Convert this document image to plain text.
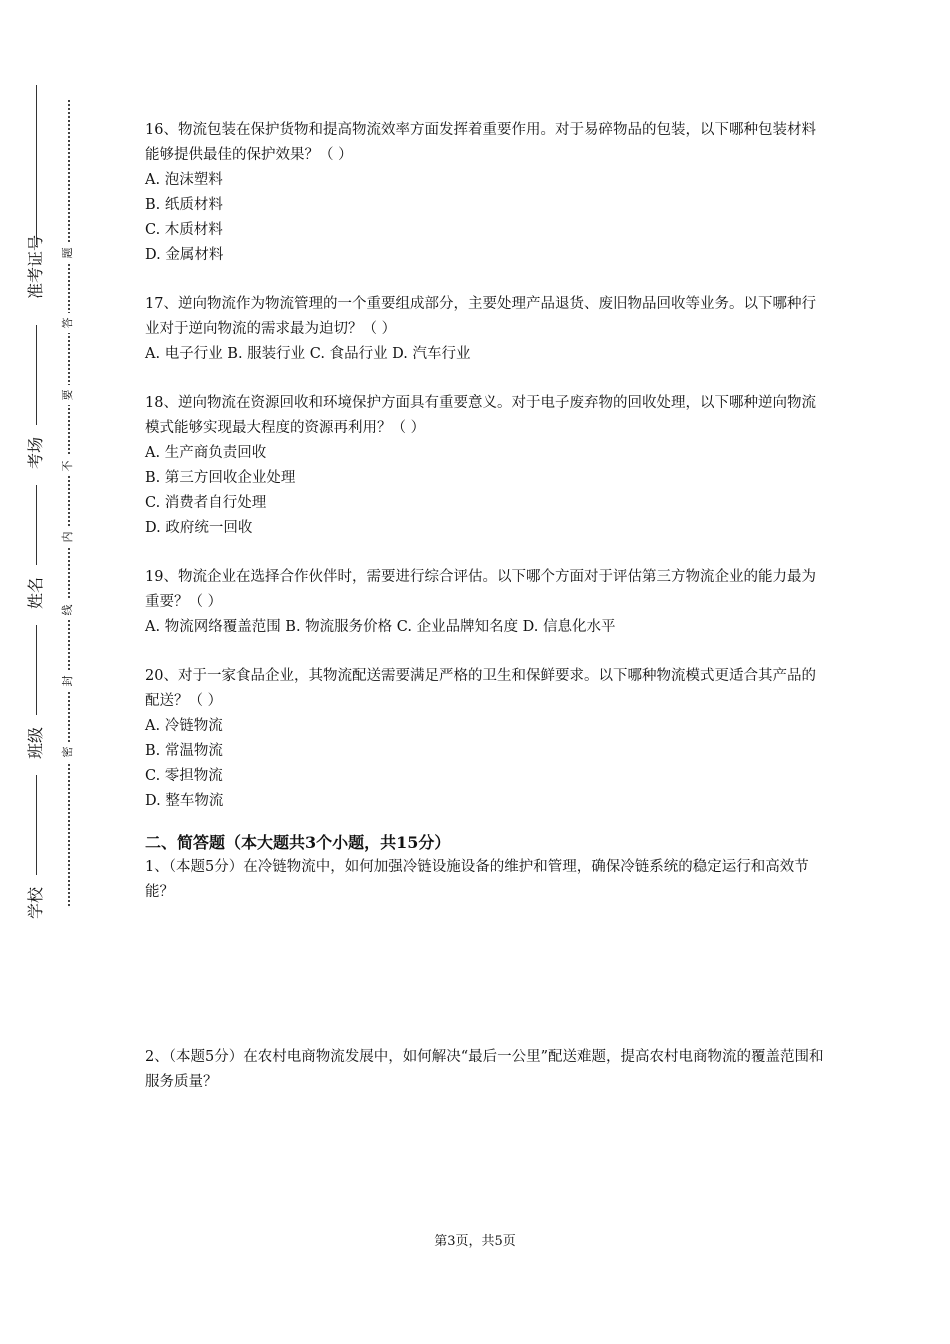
准考证号
考场
姓名
班级
学校
题
答
要
不
内
线
封
密

16、物流包装在保护货物和提高物流效率方面发挥着重要作用。对于易碎物品的包装，以下哪种包装材料能够提供最佳的保护效果？（ ）

A. 泡沫塑料

B. 纸质材料

C. 木质材料

D. 金属材料

17、逆向物流作为物流管理的一个重要组成部分，主要处理产品退货、废旧物品回收等业务。以下哪种行业对于逆向物流的需求最为迫切？（ ）

A. 电子行业 B. 服装行业 C. 食品行业 D. 汽车行业

18、逆向物流在资源回收和环境保护方面具有重要意义。对于电子废弃物的回收处理，以下哪种逆向物流模式能够实现最大程度的资源再利用？（ ）

A. 生产商负责回收

B. 第三方回收企业处理

C. 消费者自行处理

D. 政府统一回收

19、物流企业在选择合作伙伴时，需要进行综合评估。以下哪个方面对于评估第三方物流企业的能力最为重要？（ ）

A. 物流网络覆盖范围 B. 物流服务价格 C. 企业品牌知名度 D. 信息化水平

20、对于一家食品企业，其物流配送需要满足严格的卫生和保鲜要求。以下哪种物流模式更适合其产品的配送？（ ）

A. 冷链物流

B. 常温物流

C. 零担物流

D. 整车物流

二、简答题（本大题共3个小题，共15分）

1、（本题5分）在冷链物流中，如何加强冷链设施设备的维护和管理，确保冷链系统的稳定运行和高效节能？

2、（本题5分）在农村电商物流发展中，如何解决“最后一公里”配送难题，提高农村电商物流的覆盖范围和服务质量？

第3页，共5页
